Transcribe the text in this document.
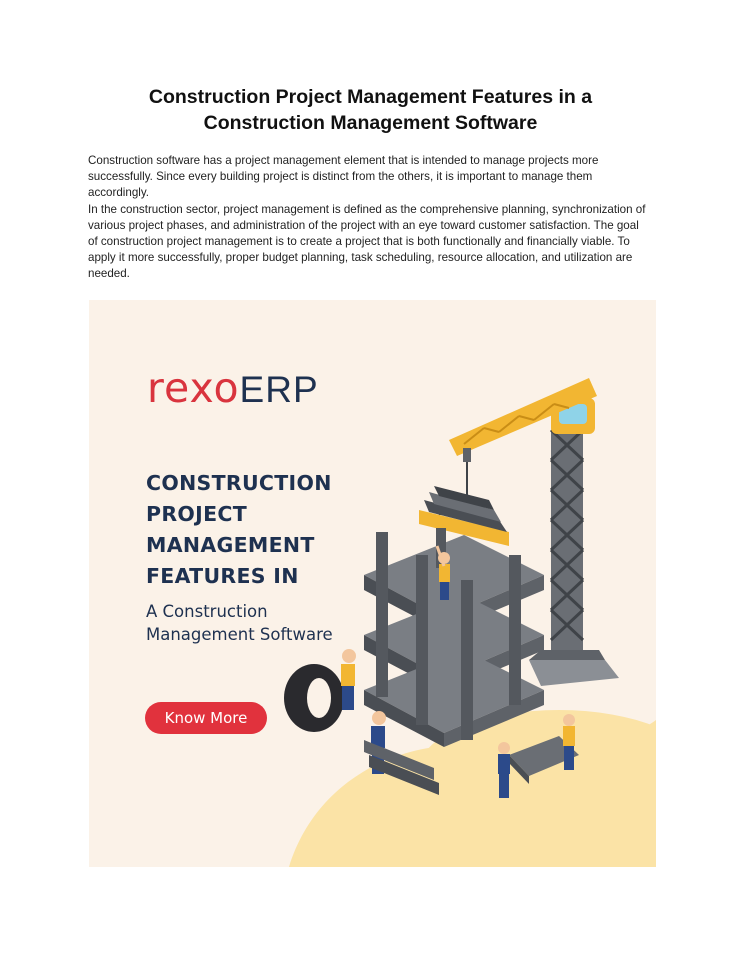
Construction Project Management Features in a
Construction Management Software

Construction software has a project management element that is intended to manage projects more successfully. Since every building project is distinct from the others, it is important to manage them accordingly.

In the construction sector, project management is defined as the comprehensive planning, synchronization of various project phases, and administration of the project with an eye toward customer satisfaction. The goal of construction project management is to create a project that is both functionally and financially viable. To apply it more successfully, proper budget planning, task scheduling, resource allocation, and utilization are needed.

rexoERP
CONSTRUCTION
PROJECT
MANAGEMENT
FEATURES IN
A Construction
Management Software
Know More
